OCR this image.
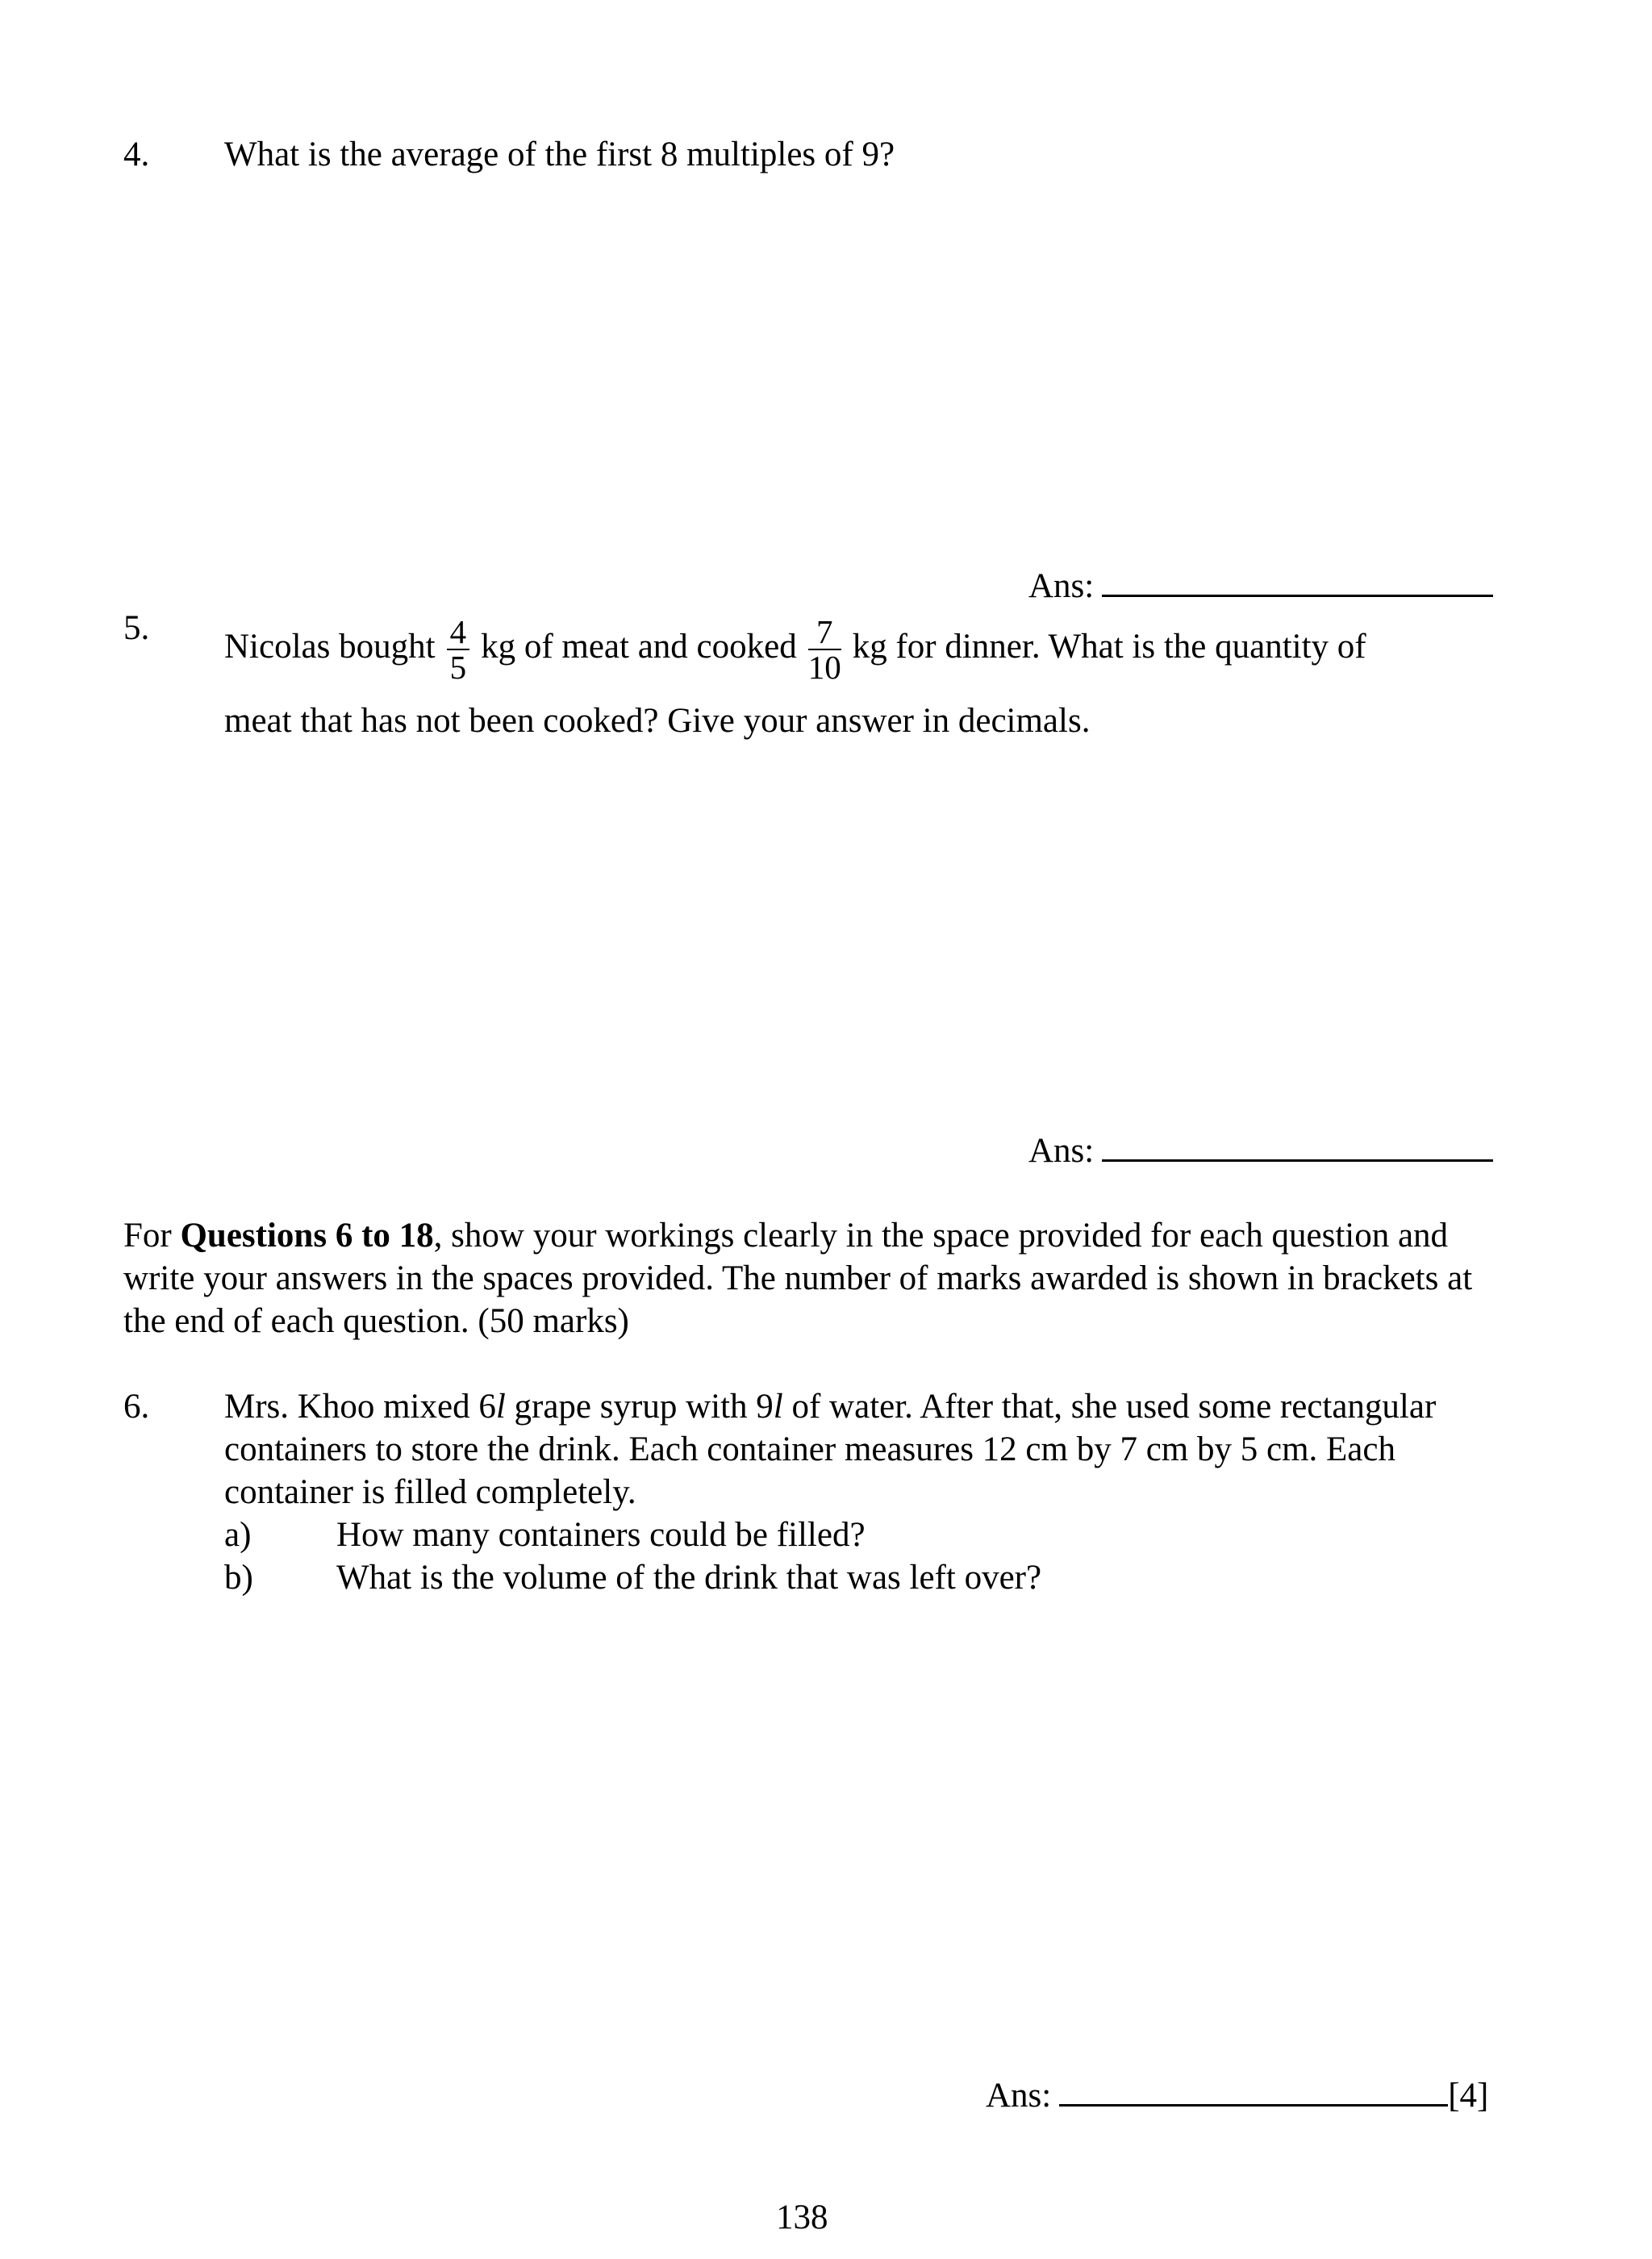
4. What is the average of the first 8 multiples of 9?
Ans:
5. Nicolas bought $\frac{4}{5}$ kg of meat and cooked $\frac{7}{10}$ kg for dinner. What is the quantity of
meat that has not been cooked? Give your answer in decimals.
Ans:
For Questions 6 to 18, show your workings clearly in the space provided for each question and write your answers in the spaces provided. The number of marks awarded is shown in brackets at the end of each question. (50 marks)
6. Mrs. Khoo mixed 6l grape syrup with 9l of water. After that, she used some rectangular containers to store the drink. Each container measures 12 cm by 7 cm by 5 cm. Each container is filled completely.
a) How many containers could be filled?
b) What is the volume of the drink that was left over?
Ans:	[4]
138
